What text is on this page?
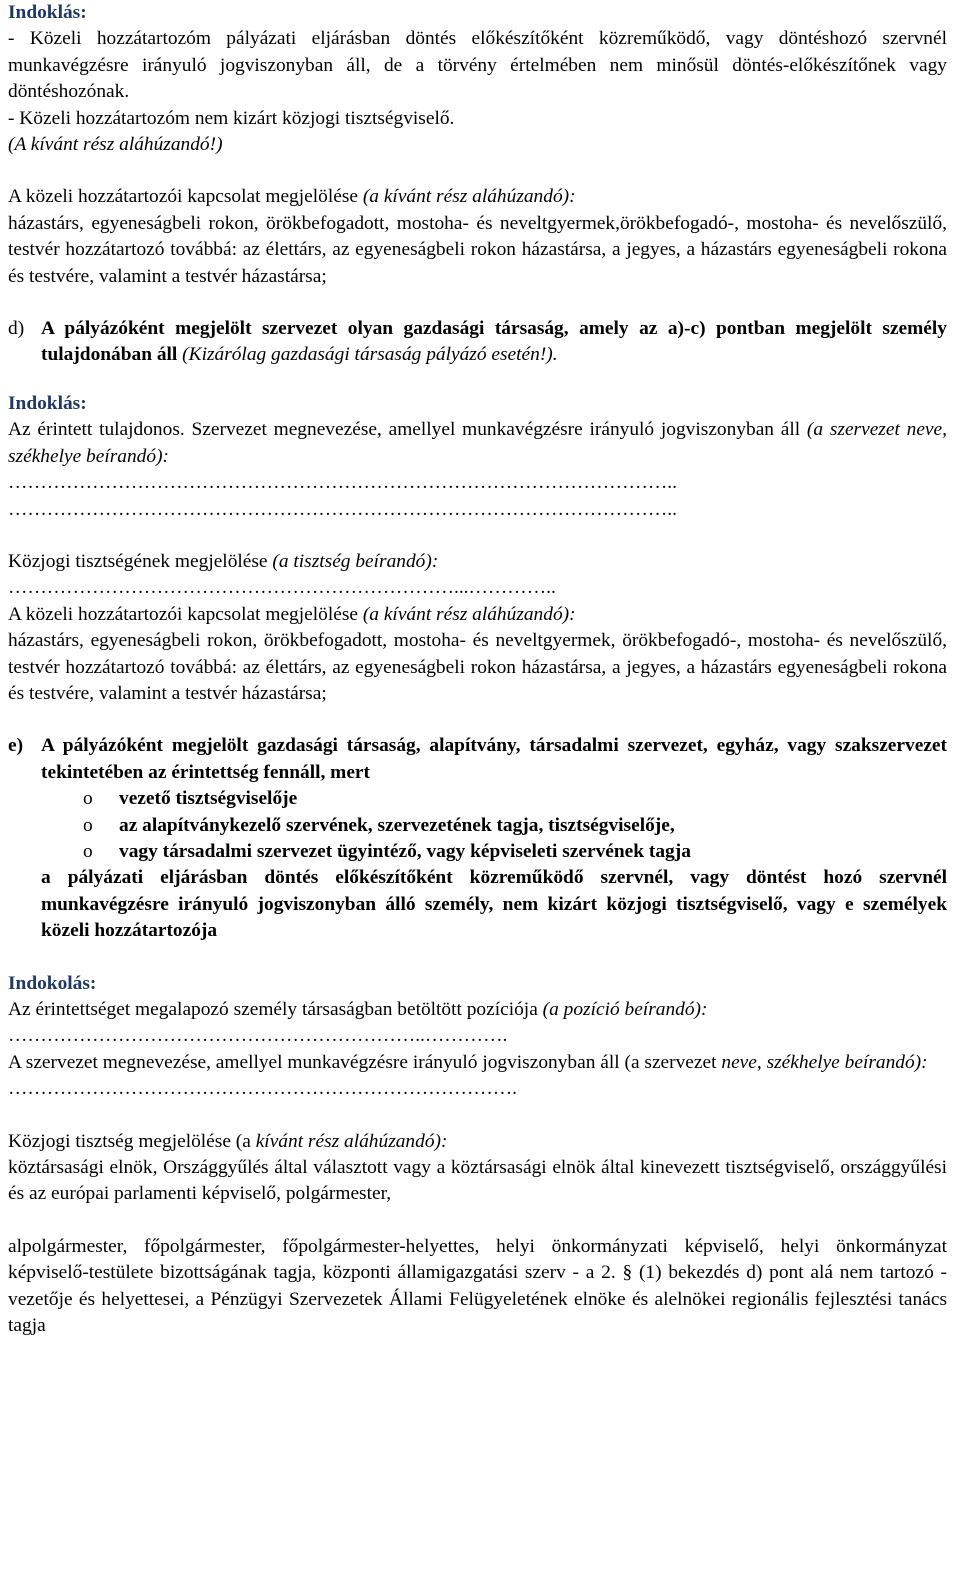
Indoklás:

- Közeli hozzátartozóm pályázati eljárásban döntés előkészítőként közreműködő, vagy döntéshozó szervnél munkavégzésre irányuló jogviszonyban áll, de a törvény értelmében nem minősül döntés-előkészítőnek vagy döntéshozónak.

- Közeli hozzátartozóm nem kizárt közjogi tisztségviselő.

(A kívánt rész aláhúzandó!)

A közeli hozzátartozói kapcsolat megjelölése (a kívánt rész aláhúzandó):

házastárs, egyeneságbeli rokon, örökbefogadott, mostoha- és neveltgyermek,örökbefogadó-, mostoha- és nevelőszülő, testvér hozzátartozó továbbá: az élettárs, az egyeneságbeli rokon házastársa, a jegyes, a házastárs egyeneságbeli rokona és testvére, valamint a testvér házastársa;

d) A pályázóként megjelölt szervezet olyan gazdasági társaság, amely az a)-c) pontban megjelölt személy tulajdonában áll (Kizárólag gazdasági társaság pályázó esetén!).

Indoklás:

Az érintett tulajdonos. Szervezet megnevezése, amellyel munkavégzésre irányuló jogviszonyban áll (a szervezet neve, székhelye beírandó):

…………………………………………………………………………………………..

…………………………………………………………………………………………..

Közjogi tisztségének megjelölése (a tisztség beírandó):

……………………………………………………………...…………..

A közeli hozzátartozói kapcsolat megjelölése (a kívánt rész aláhúzandó):

házastárs, egyeneságbeli rokon, örökbefogadott, mostoha- és neveltgyermek, örökbefogadó-, mostoha- és nevelőszülő, testvér hozzátartozó továbbá: az élettárs, az egyeneságbeli rokon házastársa, a jegyes, a házastárs egyeneságbeli rokona és testvére, valamint a testvér házastársa;

e) A pályázóként megjelölt gazdasági társaság, alapítvány, társadalmi szervezet, egyház, vagy szakszervezet tekintetében az érintettség fennáll, mert

o	vezető tisztségviselője
o	az alapítványkezelő szervének, szervezetének tagja, tisztségviselője,
o	vagy társadalmi szervezet ügyintéző, vagy képviseleti szervének tagja

a pályázati eljárásban döntés előkészítőként közreműködő szervnél, vagy döntést hozó szervnél munkavégzésre irányuló jogviszonyban álló személy, nem kizárt közjogi tisztségviselő, vagy e személyek közeli hozzátartozója

Indokolás:

Az érintettséget megalapozó személy társaságban betöltött pozíciója (a pozíció beírandó):

………………………………………………………..………….

A szervezet megnevezése, amellyel munkavégzésre irányuló jogviszonyban áll (a szervezet neve, székhelye beírandó):

…………………………………………………………………….

Közjogi tisztség megjelölése (a kívánt rész aláhúzandó):

köztársasági elnök, Országgyűlés által választott vagy a köztársasági elnök által kinevezett tisztségviselő, országgyűlési és az európai parlamenti képviselő, polgármester,

alpolgármester, főpolgármester, főpolgármester-helyettes, helyi önkormányzati képviselő, helyi önkormányzat képviselő-testülete bizottságának tagja, központi államigazgatási szerv - a 2. § (1) bekezdés d) pont alá nem tartozó - vezetője és helyettesei, a Pénzügyi Szervezetek Állami Felügyeletének elnöke és alelnökei regionális fejlesztési tanács tagja
